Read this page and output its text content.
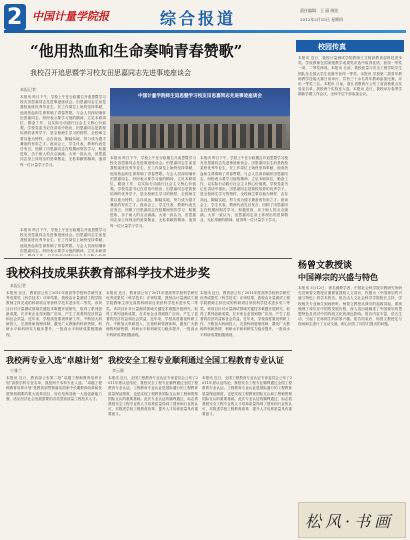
2 中国计量学院报	综合报道	责任编辑：王 丽 顾佳
2012年3月15日 星期四
“他用热血和生命奏响青春赞歌”
我校召开追思暨学习校友田思嘉同志先进事迹座谈会
本报记者
本报讯 昨日下午，学校上午在行政楼召开追思暨学习校友田思嘉同志先进事迹座谈会。田思嘉同志生前是我校某班优秀毕业生，在工作岗位上始终坚持奉献，他用热血和生命奏响了青春赞歌。与会人员深切缅怀田思嘉同志，纷纷表示要学习他的精神，立足本职岗位，勤奋工作，以实际行动践行社会主义核心价值观。学校党委书记在讲话中指出，田思嘉同志是我校培养的优秀学子，是全校师生学习的榜样，全校师生要以他为榜样，志存高远，脚踏实地，努力成为德才兼备的有用之才。座谈会上，学生代表、教师代表先后发言，回顾了田思嘉同志在校期间刻苦学习、积极进取、乐于助人的点点滴滴。大家一致认为，田思嘉同志身上体现出的爱岗敬业、无私奉献的精神，值得每一位计量学子学习。
中国计量学院师生追思暨学习校友田思嘉同志先进事迹座谈会
本报讯 昨日下午，学校上午在行政楼召开追思暨学习校友田思嘉同志先进事迹座谈会。田思嘉同志生前是我校某班优秀毕业生，在工作岗位上始终坚持奉献，他用热血和生命奏响了青春赞歌。与会人员深切缅怀田思嘉同志，纷纷表示要学习他的精神，立足本职岗位，勤奋工作，以实际行动践行社会主义核心价值观。学校党委书记在讲话中指出，田思嘉同志是我校培养的优秀学子，是全校师生学习的榜样，全校师生要以他为榜样，志存高远，脚踏实地，努力成为德才兼备的有用之才。座谈会上，学生代表、教师代表先后发言，回顾了田思嘉同志在校期间刻苦学习、积极进取、乐于助人的点点滴滴。大家一致认为，田思嘉同志身上体现出的爱岗敬业、无私奉献的精神，值得每一位计量学子学习。
本报讯 昨日下午，学校上午在行政楼召开追思暨学习校友田思嘉同志先进事迹座谈会。田思嘉同志生前是我校某班优秀毕业生，在工作岗位上始终坚持奉献，他用热血和生命奏响了青春赞歌。与会人员深切缅怀田思嘉同志，纷纷表示要学习他的精神，立足本职岗位，勤奋工作，以实际行动践行社会主义核心价值观。学校党委书记在讲话中指出，田思嘉同志是我校培养的优秀学子，是全校师生学习的榜样，全校师生要以他为榜样，志存高远，脚踏实地，努力成为德才兼备的有用之才。座谈会上，学生代表、教师代表先后发言，回顾了田思嘉同志在校期间刻苦学习、积极进取、乐于助人的点点滴滴。大家一致认为，田思嘉同志身上体现出的爱岗敬业、无私奉献的精神，值得每一位计量学子学习。
本报讯 昨日下午，学校上午在行政楼召开追思暨学习校友田思嘉同志先进事迹座谈会。田思嘉同志生前是我校某班优秀毕业生，在工作岗位上始终坚持奉献，他用热血和生命奏响了青春赞歌。与会人员深切缅怀田思嘉同志，纷纷表示要学习他的精神，立足本职岗
校园传真
本报讯 近日，我校计量测试学院教师王文柯获教育部科技进步奖。学校教师在国家级教学成果奖评选中取得佳绩，获得一等奖一项、二等奖两项。本报讯 日前，我校质量与安全工程学院学生团队在全国大学生竞赛中获得一等奖。本报讯 学校第二届青年教师教学技能大赛日前举行，共有三十余名青年教师参加比赛，评出一等奖三名。本报讯 日前，浙江省教育厅公布了省高校重点实验室名单，我校两个实验室入选。本报讯 近日，我校举办春季学期新学期工作会议，全体中层干部参加会议。
杨曾文教授谈
中国禅宗的兴盛与特色
本报讯 3月12日，著名佛教学者、中国社会科学院宗教研究所研究员杨曾文教授应邀做客我校人文讲坛，作题为《中国禅宗的兴盛与特色》的学术报告。报告由人文社会科学学院院长主持，学校相关专业师生到场聆听。杨曾文教授从禅宗的起源讲起，系统梳理了禅宗在中国的发展历程，深入浅出地阐述了中国禅宗的思想特色及其对中国传统文化的深远影响。报告内容丰富，语言生动，引起了在场师生的浓厚兴趣。报告结束后，杨曾文教授还与现场师生进行了互动交流，耐心回答了同学们提出的问题。
我校科技成果获教育部科学技术进步奖
本报记者
本报讯 近日，教育部公布了2011年度高等学校科学研究优秀成果奖（科学技术）评审结果，我校由计量测试工程学院教师主持完成的科研项目荣获科学技术进步奖二等奖。该项目针对计量测试领域关键技术难题开展研究，取得了系列创新成果，在多家企业得到推广应用，产生了显著的经济效益和社会效益。近年来，学校高度重视科研工作，不断加大科研投入，完善科研管理体制，激发广大教师的科研热情，科研水平和科研实力稳步提升，一批高水平科研成果相继涌现。
本报讯 近日，教育部公布了2011年度高等学校科学研究优秀成果奖（科学技术）评审结果，我校由计量测试工程学院教师主持完成的科研项目荣获科学技术进步奖二等奖。该项目针对计量测试领域关键技术难题开展研究，取得了系列创新成果，在多家企业得到推广应用，产生了显著的经济效益和社会效益。近年来，学校高度重视科研工作，不断加大科研投入，完善科研管理体制，激发广大教师的科研热情，科研水平和科研实力稳步提升，一批高水平科研成果相继涌现。
本报讯 近日，教育部公布了2011年度高等学校科学研究优秀成果奖（科学技术）评审结果，我校由计量测试工程学院教师主持完成的科研项目荣获科学技术进步奖二等奖。该项目针对计量测试领域关键技术难题开展研究，取得了系列创新成果，在多家企业得到推广应用，产生了显著的经济效益和社会效益。近年来，学校高度重视科研工作，不断加大科研投入，完善科研管理体制，激发广大教师的科研热情，科研水平和科研实力稳步提升，一批高水平科研成果相继涌现。
我校两专业入选“卓越计划”
宁雅兰
本报讯 近日，教育部公布第二批“卓越工程师教育培养计划”高校学科专业名单，我校两个本科专业入选。“卓越工程师教育培养计划”是教育部贯彻落实国家中长期教育改革和发展规划纲要的重大改革项目，旨在培养造就一大批创新能力强、适应经济社会发展需要的各类型高质量工程技术人才。
我校安全工程专业顺利通过全国工程教育专业认证
李云静
本报讯 近日，全国工程教育专业认证专家委员会公布了2011年度认证结论，我校安全工程专业顺利通过全国工程教育专业认证。工程教育专业认证是国际通行的工程教育质量保证制度，也是实现工程教育国际互认和工程师资格国际互认的重要基础。此次专业认证的顺利通过，标志着我校安全工程专业的人才培养质量得到了国家和行业的认可，对推进学校工程教育改革、提升人才培养质量具有重要意义。
本报讯 近日，全国工程教育专业认证专家委员会公布了2011年度认证结论，我校安全工程专业顺利通过全国工程教育专业认证。工程教育专业认证是国际通行的工程教育质量保证制度，也是实现工程教育国际互认和工程师资格国际互认的重要基础。此次专业认证的顺利通过，标志着我校安全工程专业的人才培养质量得到了国家和行业的认可，对推进学校工程教育改革、提升人才培养质量具有重要意义。
松风·书画
